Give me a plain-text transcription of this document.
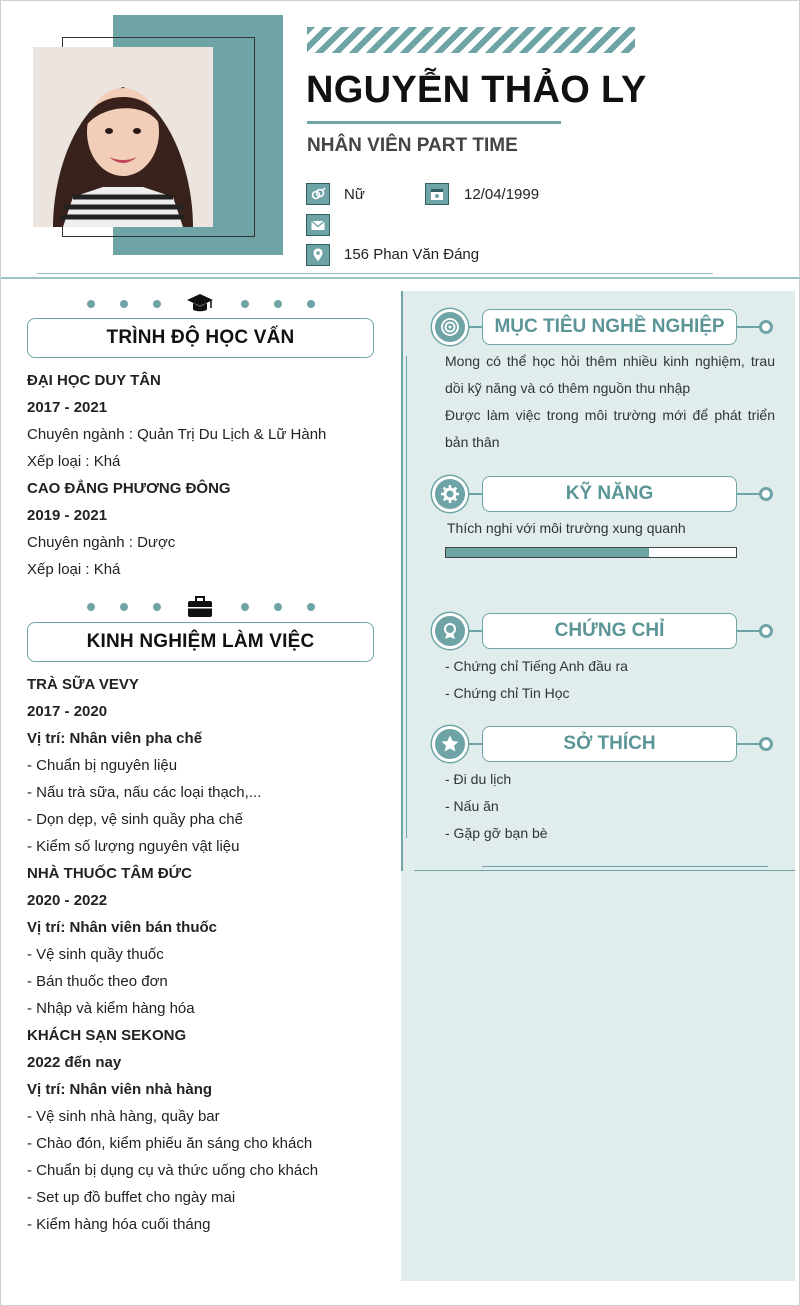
NGUYỄN THẢO LY
NHÂN VIÊN PART TIME
Nữ	12/04/1999
156 Phan Văn Đáng
TRÌNH ĐỘ HỌC VẤN
ĐẠI HỌC DUY TÂN
2017 - 2021
Chuyên ngành : Quản Trị Du Lịch & Lữ Hành
Xếp loại : Khá
CAO ĐẲNG PHƯƠNG ĐÔNG
2019 - 2021
Chuyên ngành : Dược
Xếp loại : Khá
KINH NGHIỆM LÀM VIỆC
TRÀ SỮA VEVY
2017 - 2020
Vị trí: Nhân viên pha chế
- Chuẩn bị nguyên liệu
- Nấu trà sữa, nấu các loại thạch,...
- Dọn dẹp, vệ sinh quầy pha chế
- Kiểm số lượng nguyên vật liệu
NHÀ THUỐC TÂM ĐỨC
2020 - 2022
Vị trí: Nhân viên bán thuốc
- Vệ sinh quầy thuốc
- Bán thuốc theo đơn
- Nhập và kiểm hàng hóa
KHÁCH SẠN SEKONG
2022 đến nay
Vị trí: Nhân viên nhà hàng
- Vệ sinh nhà hàng, quầy bar
- Chào đón, kiểm phiếu ăn sáng cho khách
- Chuẩn bị dụng cụ và thức uống cho khách
- Set up đồ buffet cho ngày mai
- Kiểm hàng hóa cuối tháng
MỤC TIÊU NGHỀ NGHIỆP
Mong có thể học hỏi thêm nhiều kinh nghiệm, trau dồi kỹ năng và có thêm nguồn thu nhập
Được làm việc trong môi trường mới để phát triển bản thân
KỸ NĂNG
Thích nghi với môi trường xung quanh
CHỨNG CHỈ
- Chứng chỉ Tiếng Anh đầu ra
- Chứng chỉ Tin Học
SỞ THÍCH
- Đi du lịch
- Nấu ăn
- Gặp gỡ bạn bè
